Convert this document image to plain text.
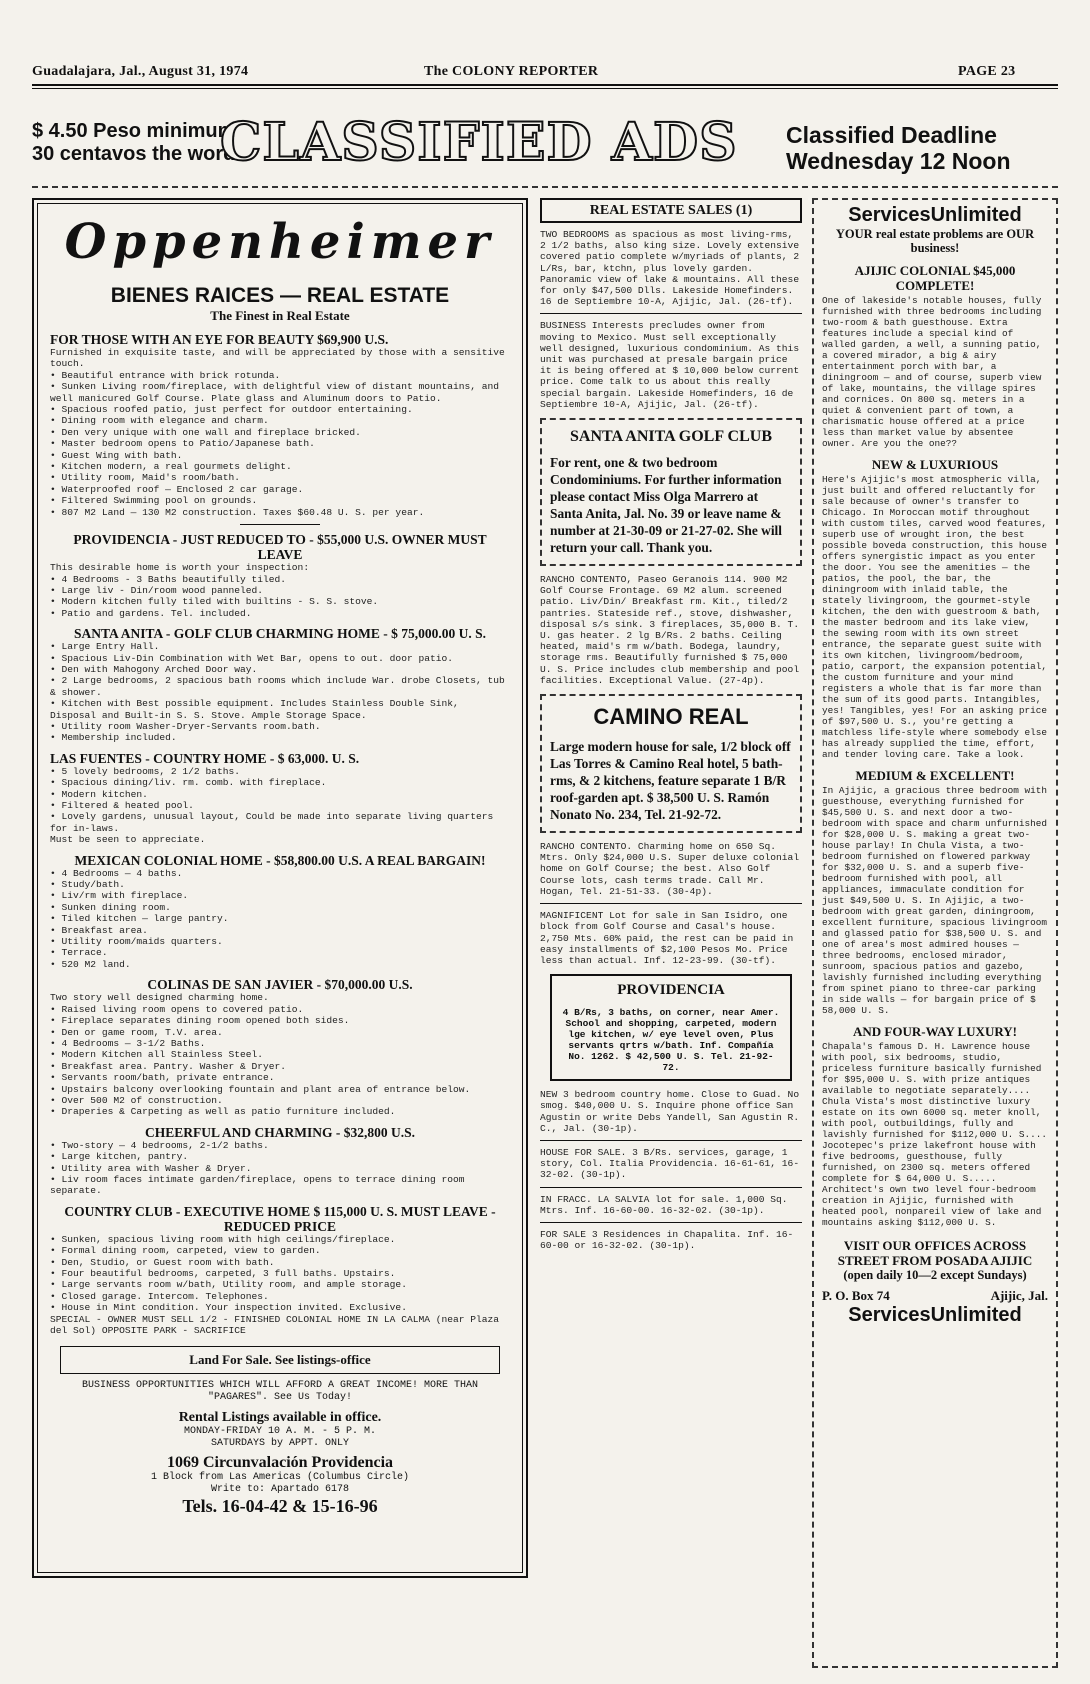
Guadalajara, Jal., August 31, 1974	The COLONY REPORTER	PAGE 23
$ 4.50 Peso minimum
30 centavos the word
CLASSIFIED ADS Classified Deadline
Wednesday 12 Noon
Oppenheimer
BIENES RAICES — REAL ESTATE
The Finest in Real Estate
FOR THOSE WITH AN EYE FOR BEAUTY $69,900 U.S.
Furnished in exquisite taste, and will be appreciated by those with a sensitive touch.
• Beautiful entrance with brick rotunda.
• Sunken Living room/fireplace, with delightful view of distant mountains, and well manicured Golf Course. Plate glass and Aluminum doors to Patio.
• Spacious roofed patio, just perfect for outdoor entertaining.
• Dining room with elegance and charm.
• Den very unique with one wall and fireplace bricked.
• Master bedroom opens to Patio/Japanese bath.
• Guest Wing with bath.
• Kitchen modern, a real gourmets delight.
• Utility room, Maid's room/bath.
• Waterproofed roof — Enclosed 2 car garage.
• Filtered Swimming pool on grounds.
• 807 M2 Land — 130 M2 construction. Taxes $60.48 U. S. per year.
PROVIDENCIA - JUST REDUCED TO - $55,000 U.S. OWNER MUST LEAVE
This desirable home is worth your inspection:
• 4 Bedrooms - 3 Baths beautifully tiled.
• Large liv - Din/room wood panneled.
• Modern kitchen fully tiled with builtins - S. S. stove.
• Patio and gardens. Tel. included.
SANTA ANITA - GOLF CLUB CHARMING HOME - $ 75,000.00 U. S.
• Large Entry Hall.
• Spacious Liv-Din Combination with Wet Bar, opens to out. door patio.
• Den with Mahogony Arched Door way.
• 2 Large bedrooms, 2 spacious bath rooms which include War. drobe Closets, tub & shower.
• Kitchen with Best possible equipment. Includes Stainless Double Sink, Disposal and Built-in S. S. Stove. Ample Storage Space.
• Utility room Washer-Dryer-Servants room.bath.
• Membership included.
LAS FUENTES - COUNTRY HOME - $ 63,000. U. S.
• 5 lovely bedrooms, 2 1/2 baths.
• Spacious dining/liv. rm. comb. with fireplace.
• Modern kitchen.
• Filtered & heated pool.
• Lovely gardens, unusual layout, Could be made into separate living quarters for in-laws.
Must be seen to appreciate.
MEXICAN COLONIAL HOME - $58,800.00 U.S. A REAL BARGAIN!
• 4 Bedrooms — 4 baths.
• Study/bath.
• Liv/rm with fireplace.
• Sunken dining room.
• Tiled kitchen — large pantry.
• Breakfast area.
• Utility room/maids quarters.
• Terrace.
• 520 M2 land.
COLINAS DE SAN JAVIER - $70,000.00 U.S.
Two story well designed charming home.
• Raised living room opens to covered patio.
• Fireplace separates dining room opened both sides.
• Den or game room, T.V. area.
• 4 Bedrooms — 3-1/2 Baths.
• Modern Kitchen all Stainless Steel.
• Breakfast area. Pantry. Washer & Dryer.
• Servants room/bath, private entrance.
• Upstairs balcony overlooking fountain and plant area of entrance below.
• Over 500 M2 of construction.
• Draperies & Carpeting as well as patio furniture included.
CHEERFUL AND CHARMING - $32,800 U.S.
• Two-story — 4 bedrooms, 2-1/2 baths.
• Large kitchen, pantry.
• Utility area with Washer & Dryer.
• Liv room faces intimate garden/fireplace, opens to terrace dining room separate.
COUNTRY CLUB - EXECUTIVE HOME $ 115,000 U. S. MUST LEAVE - REDUCED PRICE
• Sunken, spacious living room with high ceilings/fireplace.
• Formal dining room, carpeted, view to garden.
• Den, Studio, or Guest room with bath.
• Four beautiful bedrooms, carpeted, 3 full baths. Upstairs.
• Large servants room w/bath, Utility room, and ample storage.
• Closed garage. Intercom. Telephones.
• House in Mint condition. Your inspection invited. Exclusive.
SPECIAL - OWNER MUST SELL 1/2 - FINISHED COLONIAL HOME IN LA CALMA (near Plaza del Sol) OPPOSITE PARK - SACRIFICE
Land For Sale. See listings-office
BUSINESS OPPORTUNITIES WHICH WILL AFFORD A GREAT INCOME! MORE THAN "PAGARES". See Us Today!
Rental Listings available in office.
MONDAY-FRIDAY 10 A. M. - 5 P. M.
SATURDAYS by APPT. ONLY
1069 Circunvalación Providencia
1 Block from Las Americas (Columbus Circle)
Write to: Apartado 6178
Tels. 16-04-42 & 15-16-96
REAL ESTATE SALES (1)
TWO BEDROOMS as spacious as most living-rms, 2 1/2 baths, also king size. Lovely extensive covered patio complete w/myriads of plants, 2 L/Rs, bar, ktchn, plus lovely garden. Panoramic view of lake & mountains. All these for only $47,500 Dlls. Lakeside Homefinders. 16 de Septiembre 10-A, Ajijic, Jal. (26-tf).
BUSINESS Interests precludes owner from moving to Mexico. Must sell exceptionally well designed, luxurious condominium. As this unit was purchased at presale bargain price it is being offered at $ 10,000 below current price. Come talk to us about this really special bargain. Lakeside Homefinders, 16 de Septiembre 10-A, Ajijic, Jal. (26-tf).
SANTA ANITA GOLF CLUB
For rent, one & two bedroom Condominiums. For further information please contact Miss Olga Marrero at Santa Anita, Jal. No. 39 or leave name & number at 21-30-09 or 21-27-02. She will return your call. Thank you.
RANCHO CONTENTO, Paseo Geranois 114. 900 M2 Golf Course Frontage. 69 M2 alum. screened patio. Liv/Din/ Breakfast rm. Kit., tiled/2 pantries. Stateside ref., stove, dishwasher, disposal s/s sink. 3 fireplaces, 35,000 B. T. U. gas heater. 2 lg B/Rs. 2 baths. Ceiling heated, maid's rm w/bath. Bodega, laundry, storage rms. Beautifully furnished $ 75,000 U. S. Price includes club membership and pool facilities. Exceptional Value. (27-4p).
CAMINO REAL
Large modern house for sale, 1/2 block off Las Torres & Camino Real hotel, 5 bath-rms, & 2 kitchens, feature separate 1 B/R roof-garden apt. $ 38,500 U. S. Ramón Nonato No. 234, Tel. 21-92-72.
RANCHO CONTENTO. Charming home on 650 Sq. Mtrs. Only $24,000 U.S. Super deluxe colonial home on Golf Course; the best. Also Golf Course lots, cash terms trade. Call Mr. Hogan, Tel. 21-51-33. (30-4p).
MAGNIFICENT Lot for sale in San Isidro, one block from Golf Course and Casal's house. 2,750 Mts. 60% paid, the rest can be paid in easy installments of $2,100 Pesos Mo. Price less than actual. Inf. 12-23-99. (30-tf).
PROVIDENCIA
4 B/Rs, 3 baths, on corner, near Amer. School and shopping, carpeted, modern lge kitchen, w/ eye level oven, Plus servants qrtrs w/bath. Inf. Compañía No. 1262. $ 42,500 U. S. Tel. 21-92-72.
NEW 3 bedroom country home. Close to Guad. No smog. $40,000 U. S. Inquire phone office San Agustin or write Debs Yandell, San Agustin R. C., Jal. (30-1p).
HOUSE FOR SALE. 3 B/Rs. services, garage, 1 story, Col. Italia Providencia. 16-61-61, 16-32-02. (30-1p).
IN FRACC. LA SALVIA lot for sale. 1,000 Sq. Mtrs. Inf. 16-60-00. 16-32-02. (30-1p).
FOR SALE 3 Residences in Chapalita. Inf. 16-60-00 or 16-32-02. (30-1p).
ServicesUnlimited
YOUR real estate problems are OUR business!
AJIJIC COLONIAL $45,000 COMPLETE!
One of lakeside's notable houses, fully furnished with three bedrooms including two-room & bath guesthouse. Extra features include a special kind of walled garden, a well, a sunning patio, a covered mirador, a big & airy entertainment porch with bar, a diningroom — and of course, superb view of lake, mountains, the village spires and cornices. On 800 sq. meters in a quiet & convenient part of town, a charismatic house offered at a price less than market value by absentee owner. Are you the one??
NEW & LUXURIOUS
Here's Ajijic's most atmospheric villa, just built and offered reluctantly for sale because of owner's transfer to Chicago. In Moroccan motif throughout with custom tiles, carved wood features, superb use of wrought iron, the best possible boveda construction, this house offers synergistic impact as you enter the door. You see the amenities — the patios, the pool, the bar, the diningroom with inlaid table, the stately livingroom, the gourmet-style kitchen, the den with guestroom & bath, the master bedroom and its lake view, the sewing room with its own street entrance, the separate guest suite with its own kitchen, livingroom/bedroom, patio, carport, the expansion potential, the custom furniture and your mind registers a whole that is far more than the sum of its good parts. Intangibles, yes! Tangibles, yes! For an asking price of $97,500 U. S., you're getting a matchless life-style where somebody else has already supplied the time, effort, and tender loving care. Take a look.
MEDIUM & EXCELLENT!
In Ajijic, a gracious three bedroom with guesthouse, everything furnished for $45,500 U. S. and next door a two-bedroom with space and charm unfurnished for $28,000 U. S. making a great two-house parlay! In Chula Vista, a two-bedroom furnished on flowered parkway for $32,000 U. S. and a superb five-bedroom furnished with pool, all appliances, immaculate condition for just $49,500 U. S. In Ajijic, a two-bedroom with great garden, diningroom, excellent furniture, spacious livingroom and glassed patio for $38,500 U. S. and one of area's most admired houses — three bedrooms, enclosed mirador, sunroom, spacious patios and gazebo, lavishly furnished including everything from spinet piano to three-car parking in side walls — for bargain price of $ 58,000 U. S.
AND FOUR-WAY LUXURY!
Chapala's famous D. H. Lawrence house with pool, six bedrooms, studio, priceless furniture basically furnished for $95,000 U. S. with prize antiques available to negotiate separately.... Chula Vista's most distinctive luxury estate on its own 6000 sq. meter knoll, with pool, outbuildings, fully and lavishly furnished for $112,000 U. S.... Jocotepec's prize lakefront house with five bedrooms, guesthouse, fully furnished, on 2300 sq. meters offered complete for $ 64,000 U. S..... Architect's own two level four-bedroom creation in Ajijic, furnished with heated pool, nonpareil view of lake and mountains asking $112,000 U. S.
VISIT OUR OFFICES ACROSS STREET FROM POSADA AJIJIC
(open daily 10—2 except Sundays)
P. O. Box 74	Ajijic, Jal.
ServicesUnlimited
